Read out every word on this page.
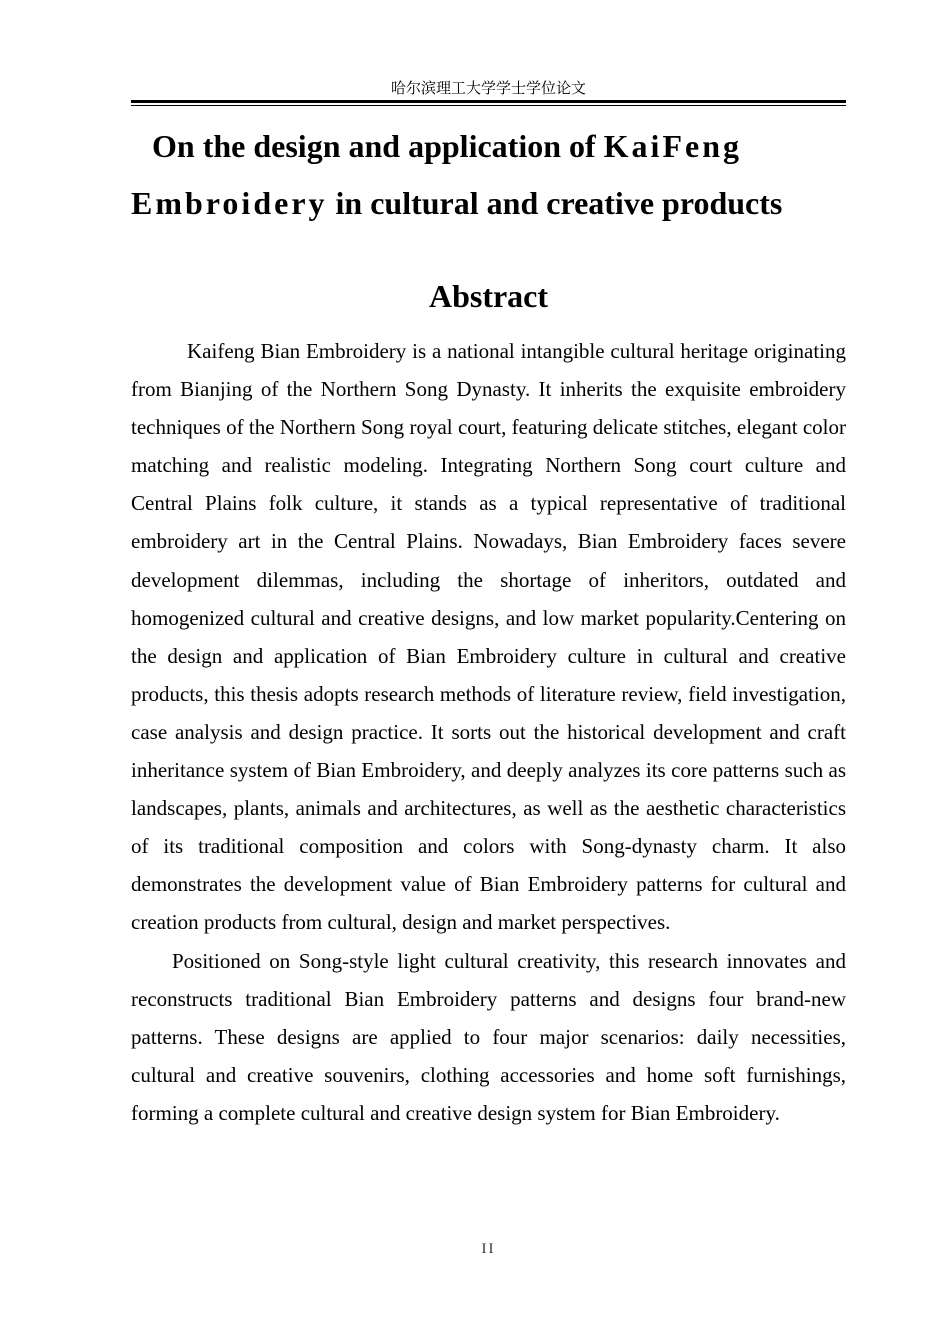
哈尔滨理工大学学士学位论文
On the design and application of KaiFeng
Embroidery in cultural and creative products
Abstract

Kaifeng Bian Embroidery is a national intangible cultural heritage originating from Bianjing of the Northern Song Dynasty. It inherits the exquisite embroidery techniques of the Northern Song royal court, featuring delicate stitches, elegant color matching and realistic modeling. Integrating Northern Song court culture and Central Plains folk culture, it stands as a typical representative of traditional embroidery art in the Central Plains. Nowadays, Bian Embroidery faces severe development dilemmas, including the shortage of inheritors, outdated and homogenized cultural and creative designs, and low market popularity.Centering on the design and application of Bian Embroidery culture in cultural and creative products, this thesis adopts research methods of literature review, field investigation, case analysis and design practice. It sorts out the historical development and craft inheritance system of Bian Embroidery, and deeply analyzes its core patterns such as landscapes, plants, animals and architectures, as well as the aesthetic characteristics of its traditional composition and colors with Song-dynasty charm. It also demonstrates the development value of Bian Embroidery patterns for cultural and creation products from cultural, design and market perspectives.

Positioned on Song-style light cultural creativity, this research innovates and reconstructs traditional Bian Embroidery patterns and designs four brand-new patterns. These designs are applied to four major scenarios: daily necessities, cultural and creative souvenirs, clothing accessories and home soft furnishings, forming a complete cultural and creative design system for Bian Embroidery.

II
